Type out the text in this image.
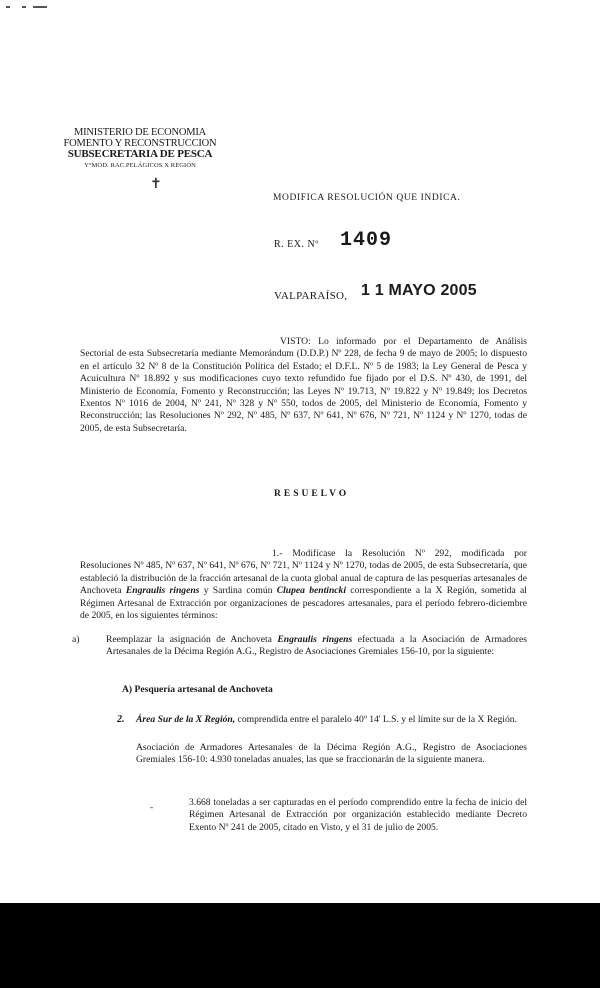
MINISTERIO DE ECONOMIA
FOMENTO Y RECONSTRUCCION
SUBSECRETARIA DE PESCA
Y°MOD. RAC.PELÁGICOS X REGIÓN
✝
MODIFICA RESOLUCIÓN QUE INDICA.
R. EX. Nº 1409
VALPARAÍSO, 1 1 MAYO 2005
VISTO: Lo informado por el Departamento de Análisis Sectorial de esta Subsecretaría mediante Memorándum (D.D.P.) Nº 228, de fecha 9 de mayo de 2005; lo dispuesto en el artículo 32 Nº 8 de la Constitución Política del Estado; el D.F.L. Nº 5 de 1983; la Ley General de Pesca y Acuicultura Nº 18.892 y sus modificaciones cuyo texto refundido fue fijado por el D.S. Nº 430, de 1991, del Ministerio de Economía, Fomento y Reconstrucción; las Leyes Nº 19.713, Nº 19.822 y Nº 19.849; los Decretos Exentos Nº 1016 de 2004, Nº 241, Nº 328 y Nº 550, todos de 2005, del Ministerio de Economía, Fomento y Reconstrucción; las Resoluciones Nº 292, Nº 485, Nº 637, Nº 641, Nº 676, Nº 721, Nº 1124 y Nº 1270, todas de 2005, de esta Subsecretaría.
RESUELVO
1.- Modifícase la Resolución Nº 292, modificada por Resoluciones Nº 485, Nº 637, Nº 641, Nº 676, Nº 721, Nº 1124 y Nº 1270, todas de 2005, de esta Subsecretaría, que estableció la distribución de la fracción artesanal de la cuota global anual de captura de las pesquerías artesanales de Anchoveta Engraulis ringens y Sardina común Clupea bentincki correspondiente a la X Región, sometida al Régimen Artesanal de Extracción por organizaciones de pescadores artesanales, para el período febrero-diciembre de 2005, en los siguientes términos:
a)	Reemplazar la asignación de Anchoveta Engraulis ringens efectuada a la Asociación de Armadores Artesanales de la Décima Región A.G., Registro de Asociaciones Gremiales 156-10, por la siguiente:
A) Pesquería artesanal de Anchoveta
2. Área Sur de la X Región, comprendida entre el paralelo 40º 14' L.S. y el límite sur de la X Región.
Asociación de Armadores Artesanales de la Décima Región A.G., Registro de Asociaciones Gremiales 156-10: 4.930 toneladas anuales, las que se fraccionarán de la siguiente manera.
-	3.668 toneladas a ser capturadas en el período comprendido entre la fecha de inicio del Régimen Artesanal de Extracción por organización establecido mediante Decreto Exento Nº 241 de 2005, citado en Visto, y el 31 de julio de 2005.
